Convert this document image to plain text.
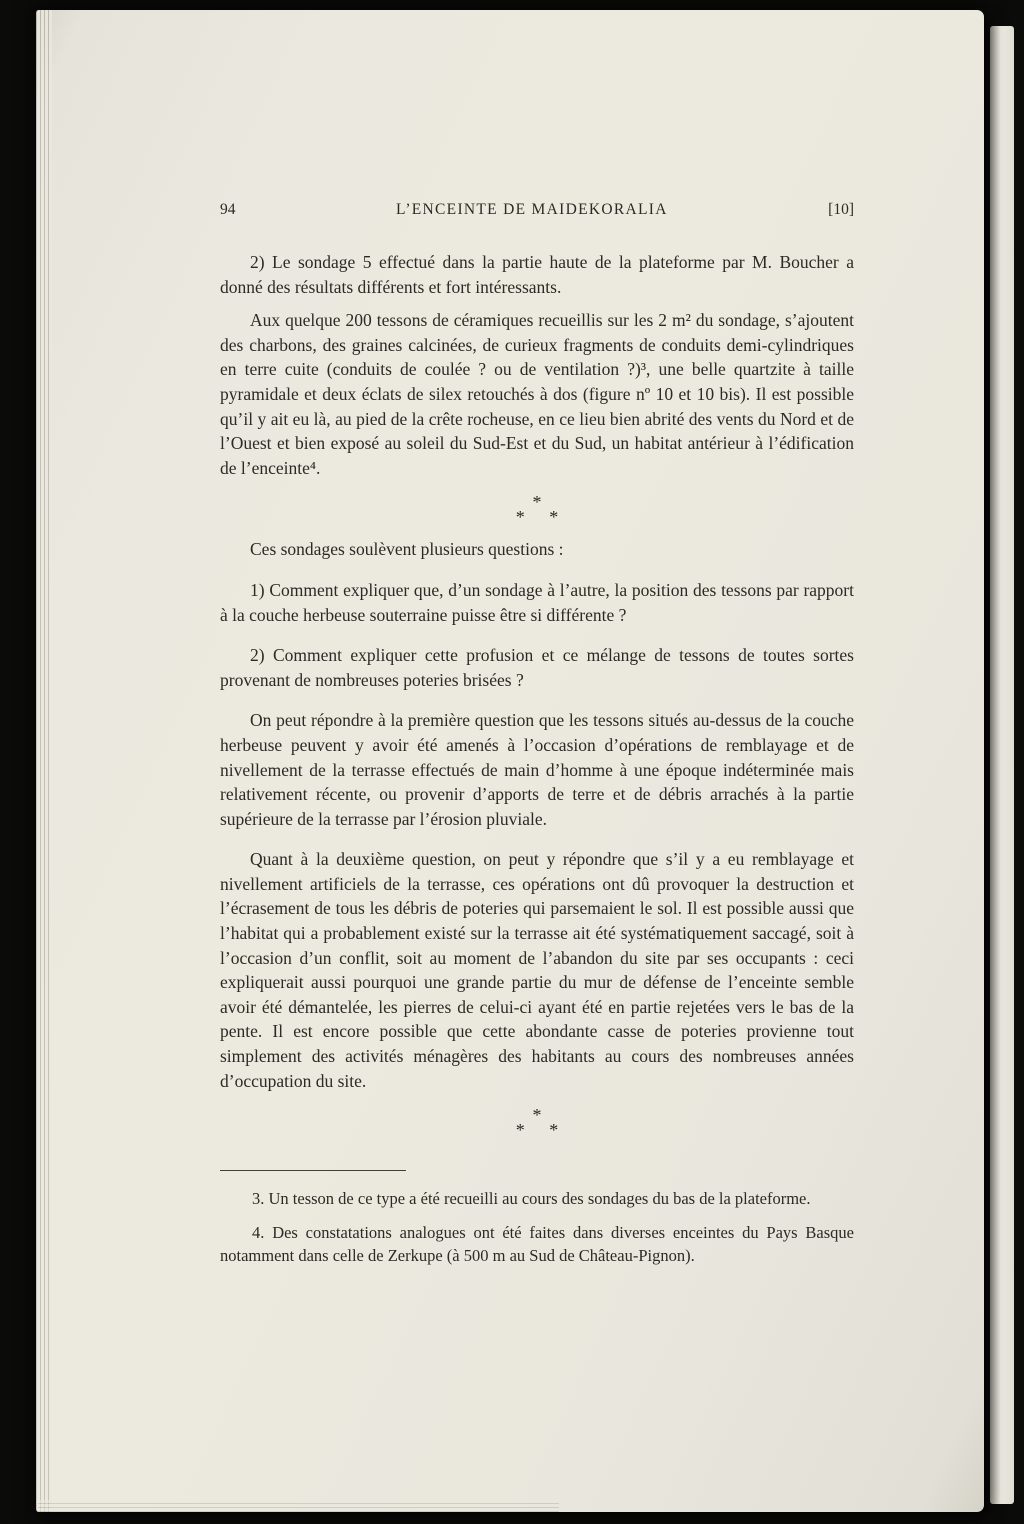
94	L’ENCEINTE DE MAIDEKORALIA	[10]

2) Le sondage 5 effectué dans la partie haute de la plateforme par M. Boucher a donné des résultats différents et fort intéressants.

Aux quelque 200 tessons de céramiques recueillis sur les 2 m² du sondage, s’ajoutent des charbons, des graines calcinées, de curieux fragments de conduits demi-cylindriques en terre cuite (conduits de coulée ? ou de ventilation ?)³, une belle quartzite à taille pyramidale et deux éclats de silex retouchés à dos (figure nº 10 et 10 bis). Il est possible qu’il y ait eu là, au pied de la crête rocheuse, en ce lieu bien abrité des vents du Nord et de l’Ouest et bien exposé au soleil du Sud-Est et du Sud, un habitat antérieur à l’édification de l’enceinte⁴.

*
* *

Ces sondages soulèvent plusieurs questions :

1) Comment expliquer que, d’un sondage à l’autre, la position des tessons par rapport à la couche herbeuse souterraine puisse être si différente ?

2) Comment expliquer cette profusion et ce mélange de tessons de toutes sortes provenant de nombreuses poteries brisées ?

On peut répondre à la première question que les tessons situés au-dessus de la couche herbeuse peuvent y avoir été amenés à l’occasion d’opérations de remblayage et de nivellement de la terrasse effectués de main d’homme à une époque indéterminée mais relativement récente, ou provenir d’apports de terre et de débris arrachés à la partie supérieure de la terrasse par l’érosion pluviale.

Quant à la deuxième question, on peut y répondre que s’il y a eu remblayage et nivellement artificiels de la terrasse, ces opérations ont dû provoquer la destruction et l’écrasement de tous les débris de poteries qui parsemaient le sol. Il est possible aussi que l’habitat qui a probablement existé sur la terrasse ait été systématiquement saccagé, soit à l’occasion d’un conflit, soit au moment de l’abandon du site par ses occupants : ceci expliquerait aussi pourquoi une grande partie du mur de défense de l’enceinte semble avoir été démantelée, les pierres de celui-ci ayant été en partie rejetées vers le bas de la pente. Il est encore possible que cette abondante casse de poteries provienne tout simplement des activités ménagères des habitants au cours des nombreuses années d’occupation du site.

*
* *

3. Un tesson de ce type a été recueilli au cours des sondages du bas de la plateforme.

4. Des constatations analogues ont été faites dans diverses enceintes du Pays Basque notamment dans celle de Zerkupe (à 500 m au Sud de Château-Pignon).
